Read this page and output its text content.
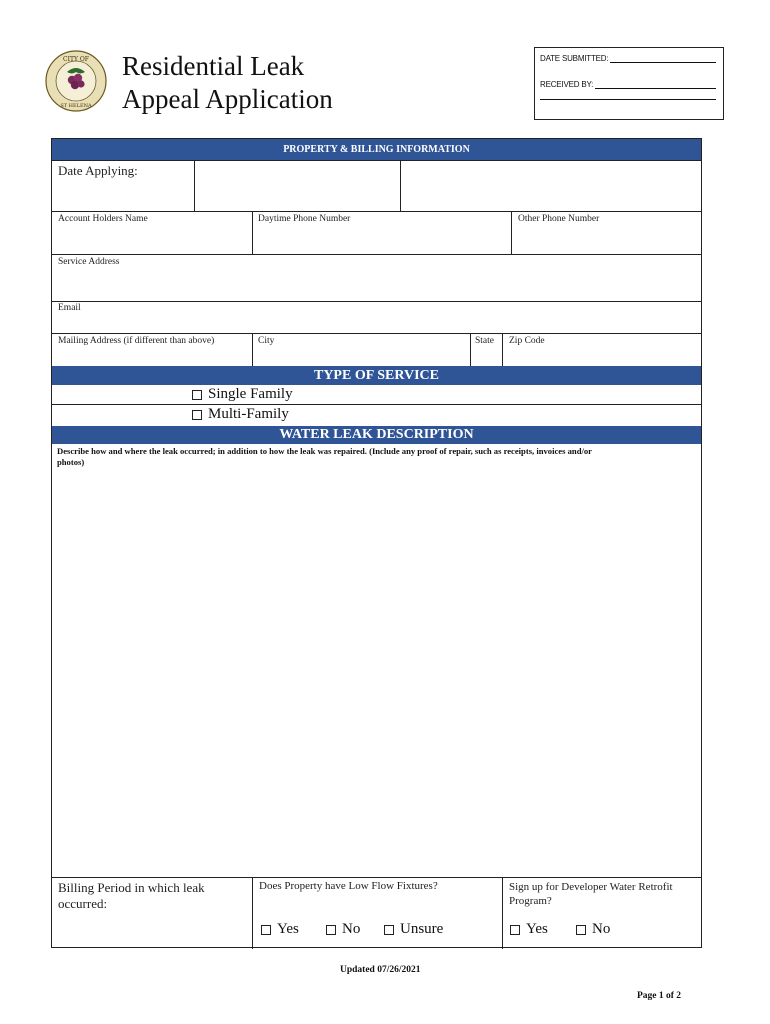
CITY OF
ST HELENA
Residential Leak
Appeal Application
DATE SUBMITTED:
RECEIVED BY:
PROPERTY & BILLING INFORMATION
Date Applying:
Account Holders Name	Daytime Phone Number	Other Phone Number
Service Address
Email
Mailing Address (if different than above)	City	State Zip Code
TYPE OF SERVICE
Single Family
Multi-Family
WATER LEAK DESCRIPTION
Describe how and where the leak occurred; in addition to how the leak was repaired. (Include any proof of repair, such as receipts, invoices and/or
photos)
Billing Period in which leak
occurred:
Does Property have Low Flow Fixtures?
Yes	No	Unsure
Sign up for Developer Water Retrofit
Program?
Yes	No
Updated 07/26/2021
Page 1 of 2
